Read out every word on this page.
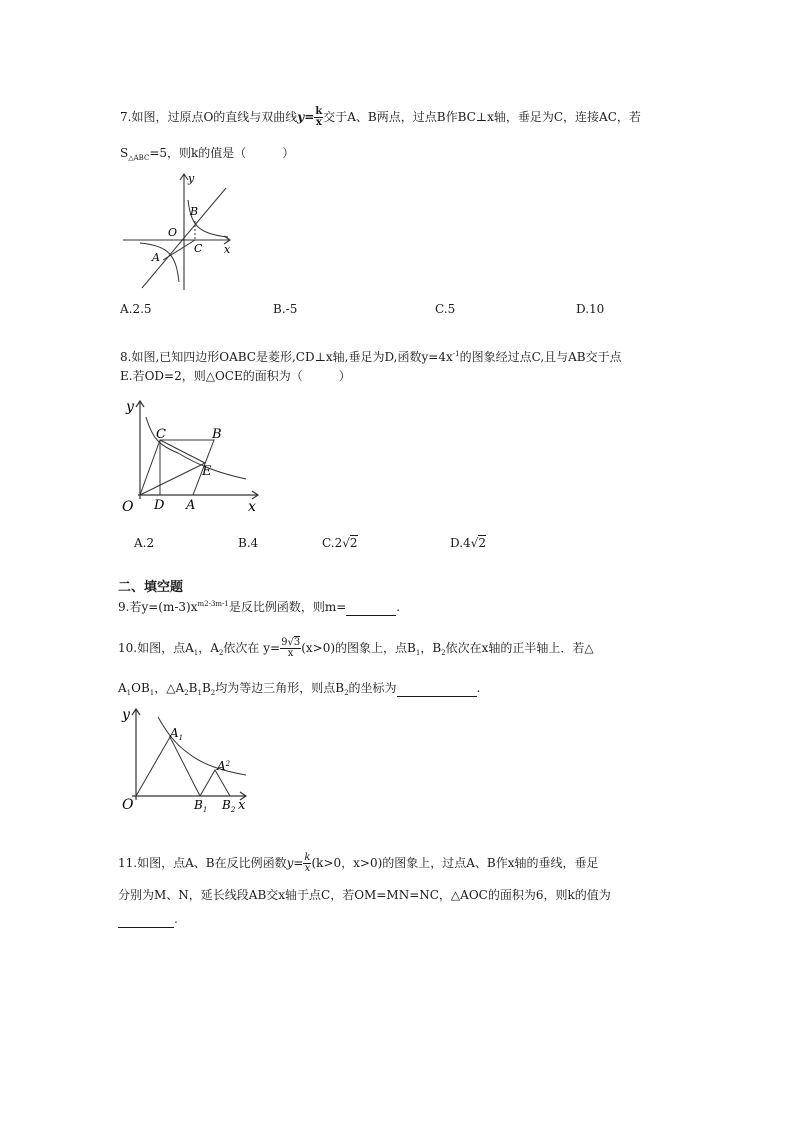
7.如图，过原点O的直线与双曲线$y= \frac{k}{x}$ 交于A、B两点，过点B作BC⊥x轴，垂足为C，连接AC，若
$S_{\triangle ABC}=5$，则k的值是（　　　）
y
x
O
B
C
A
A.2.5	B.-5	C.5	D.10
8.如图,已知四边形OABC是菱形,CD⊥x轴,垂足为D,函数$y=4x^{-1}$的图象经过点C,且与AB交于点
E.若OD=2，则△OCE的面积为（　　　）
y
x
O
C	B
E
D A
A.2	B.4	C.2√2	D.4√2
二、填空题
9.若$y=(m-3)x^{m2-3m-1}$是反比例函数，则m=	.
10.如图，点$A_1$，$A_2$依次在 $y= \frac{9√3}{x} (x>0)$的图象上，点$B_1$，$B_2$依次在x轴的正半轴上．若△
$A_1OB_1$，$\triangle A_2B_1B_2$均为等边三角形，则点$B_2$的坐标为	.
y
x
O
$A_1$
$A^2$
$B_1$ $B_2$
11.如图，点A、B在反比例函数$y= \frac{k}{x} (k>0$，x>0)的图象上，过点A、B作x轴的垂线，垂足
分别为M、N，延长线段AB交x轴于点C，若OM=MN=NC，△AOC的面积为6，则k的值为
.
